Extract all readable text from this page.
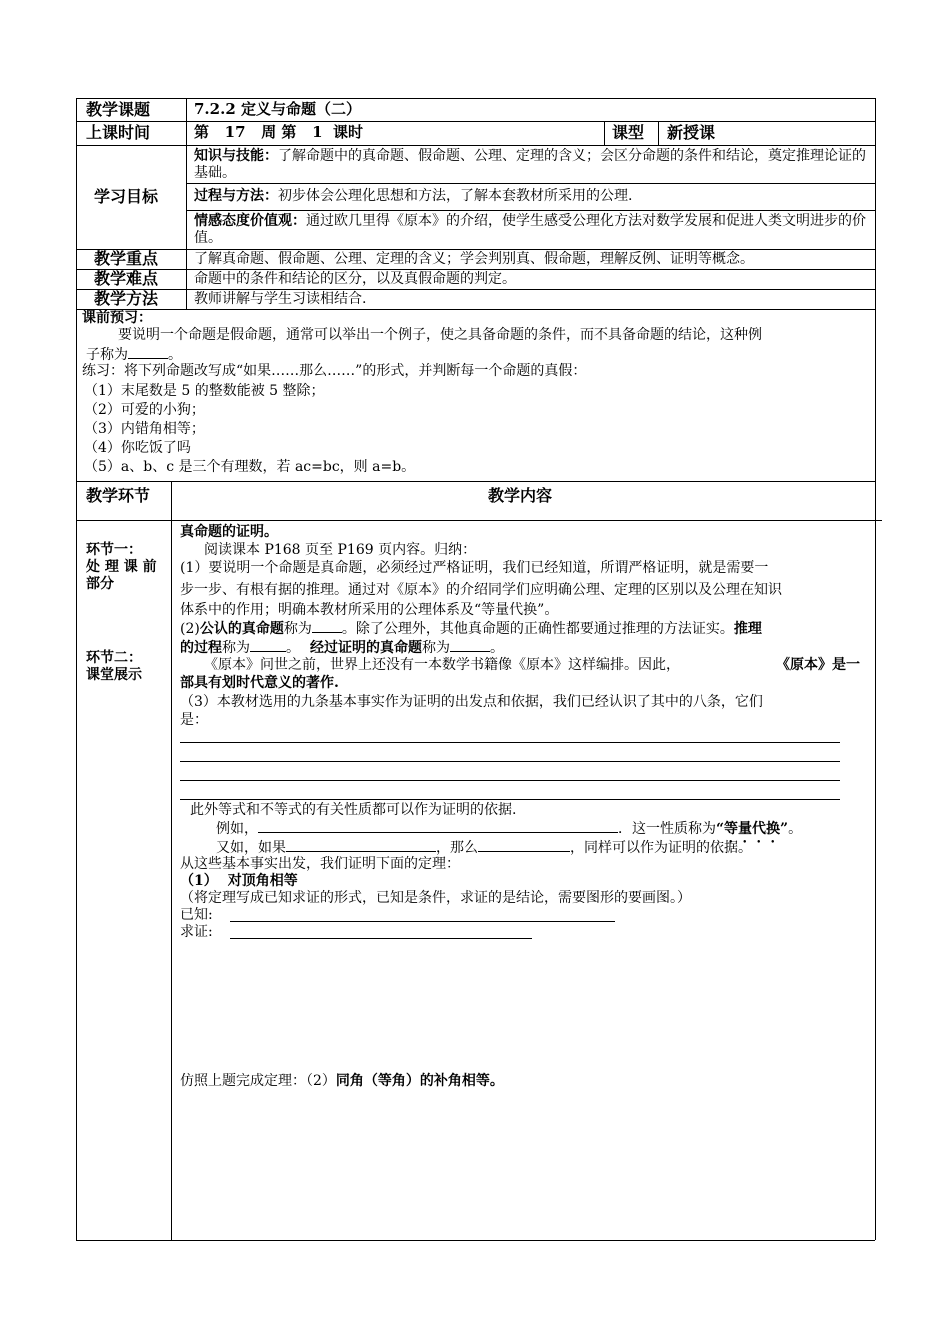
教学课题	7.2.2 定义与命题（二）
上课时间	第   17   周 第   1  课时	课型 新授课
学习目标
知识与技能：了解命题中的真命题、假命题、公理、定理的含义；会区分命题的条件和结论，奠定推理论证的基础。
过程与方法：初步体会公理化思想和方法，了解本套教材所采用的公理.
情感态度价值观：通过欧几里得《原本》的介绍，使学生感受公理化方法对数学发展和促进人类文明进步的价值。
教学重点	了解真命题、假命题、公理、定理的含义；学会判别真、假命题，理解反例、证明等概念。
教学难点	命题中的条件和结论的区分，以及真假命题的判定。
教学方法	教师讲解与学生习读相结合.
课前预习：
要说明一个命题是假命题，通常可以举出一个例子，使之具备命题的条件，而不具备命题的结论，这种例
子称为	。
练习：将下列命题改写成“如果……那么……”的形式，并判断每一个命题的真假：
（1）末尾数是 5 的整数能被 5 整除；
（2）可爱的小狗；
（3）内错角相等；
（4）你吃饭了吗
（5）a、b、c 是三个有理数，若 ac=bc，则 a=b。
教学环节	教学内容
环节一：
处 理 课 前
部分
环节二：
课堂展示
真命题的证明。
阅读课本 P168 页至 P169 页内容。归纳：
(1）要说明一个命题是真命题，必须经过严格证明，我们已经知道，所谓严格证明，就是需要一
步一步、有根有据的推理。通过对《原本》的介绍同学们应明确公理、定理的区别以及公理在知识
体系中的作用；明确本教材所采用的公理体系及“等量代换”。
(2)公认的真命题称为 。除了公理外，其他真命题的正确性都要通过推理的方法证实。推理
的过程称为	。 经过证明的真命题称为	。
《原本》问世之前，世界上还没有一本数学书籍像《原本》这样编排。因此，	《原本》是一
部具有划时代意义的著作.
（3）本教材选用的九条基本事实作为证明的出发点和依据，我们已经认识了其中的八条，它们
是：
此外等式和不等式的有关性质都可以作为证明的依据.
例如，	．这一性质称为“等量代换”。
又如，如果	，那么	，同样可以作为证明的依据。
从这些基本事实出发，我们证明下面的定理：
（1） 对顶角相等
（将定理写成已知求证的形式，已知是条件，求证的是结论，需要图形的要画图。）
已知:
求证:
仿照上题完成定理：（2）同角（等角）的补角相等。
